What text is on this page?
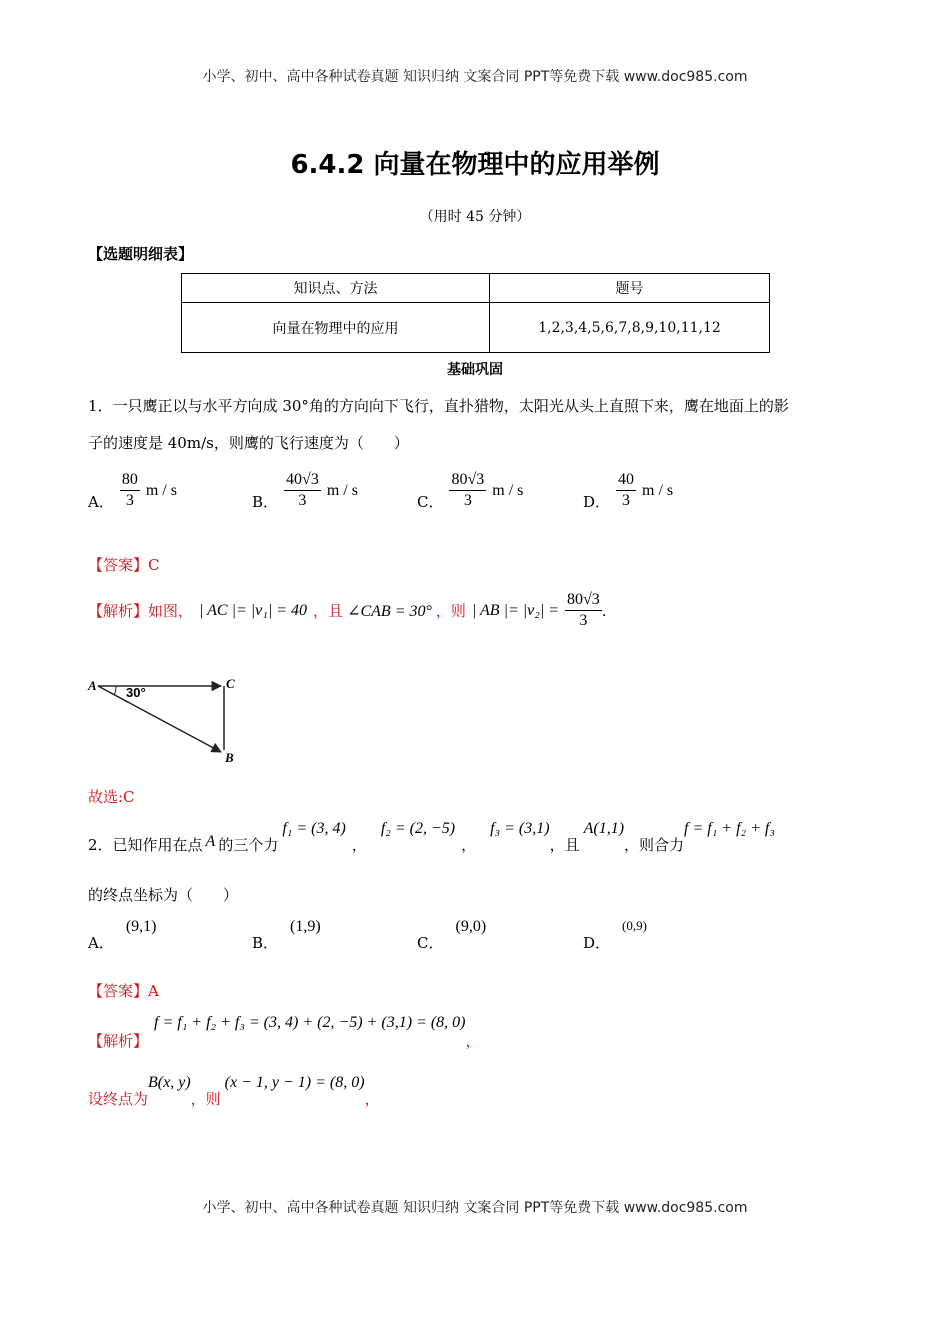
小学、初中、高中各种试卷真题 知识归纳 文案合同 PPT等免费下载 www.doc985.com
6.4.2 向量在物理中的应用举例
（用时 45 分钟）
【选题明细表】
知识点、方法	题号
向量在物理中的应用	1,2,3,4,5,6,7,8,9,10,11,12
基础巩固
1．一只鹰正以与水平方向成 30°角的方向向下飞行，直扑猎物，太阳光从头上直照下来，鹰在地面上的影
子的速度是 40m/s，则鹰的飞行速度为（　　）
A． $\frac{80}{3}$ m / s
B． $\frac{40√3}{3}$ m / s
C． $\frac{80√3}{3}$ m / s
D． $\frac{40}{3}$ m / s
【答案】C
【解析】 如图， | AC |= |v₁| = 40 ，且 ∠CAB = 30° ，则 | AB |= $|v_2| = \frac{80√3}{3}$ .
A	C
B
30°
故选:C
2．已知作用在点 A 的三个力
f₁ = (3, 4)
，
f₂ = (2, −5)
，
f₃ = (3,1)
，且
A(1,1)
，则合力
f = f₁ + f₂ + f₃
的终点坐标为（　　）
A．
(9,1)
B．
(1,9)
C．
(9,0)
D．
(0,9)
【答案】A
【解析】
f = f₁ + f₂ + f₃ = (3, 4) + (2, −5) + (3,1) = (8, 0)
，
设终点为
B(x, y)
，则
(x − 1, y − 1) = (8, 0)
，
小学、初中、高中各种试卷真题 知识归纳 文案合同 PPT等免费下载 www.doc985.com
